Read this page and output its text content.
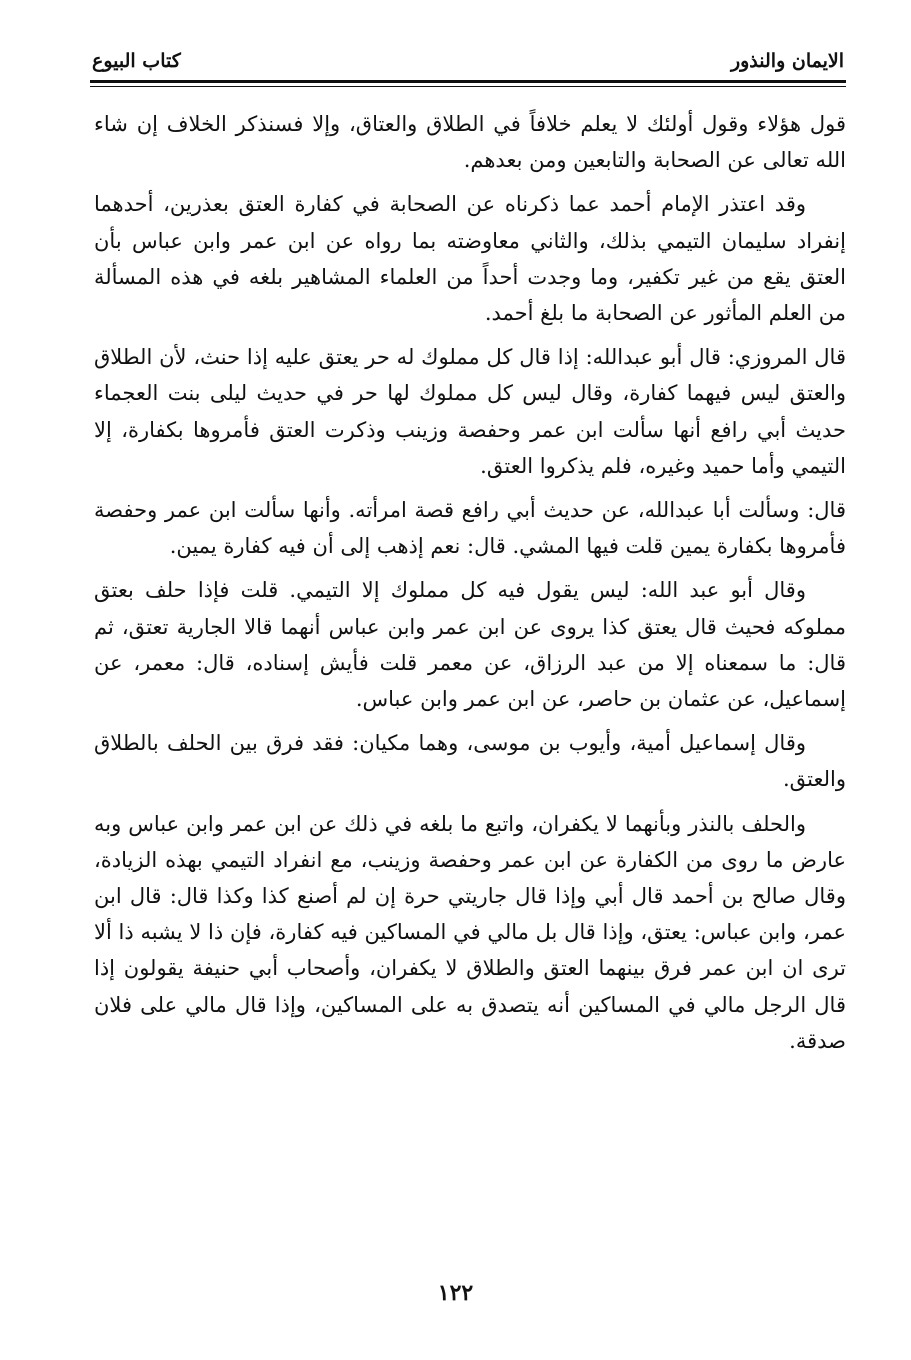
الايمان والنذور
كتاب البيوع

قول هؤلاء وقول أولئك لا يعلم خلافاً في الطلاق والعتاق، وإلا فسنذكر الخلاف إن شاء الله تعالى عن الصحابة والتابعين ومن بعدهم.

وقد اعتذر الإمام أحمد عما ذكرناه عن الصحابة في كفارة العتق بعذرين، أحدهما إنفراد سليمان التيمي بذلك، والثاني معاوضته بما رواه عن ابن عمر وابن عباس بأن العتق يقع من غير تكفير، وما وجدت أحداً من العلماء المشاهير بلغه في هذه المسألة من العلم المأثور عن الصحابة ما بلغ أحمد.

قال المروزي: قال أبو عبدالله: إذا قال كل مملوك له حر يعتق عليه إذا حنث، لأن الطلاق والعتق ليس فيهما كفارة، وقال ليس كل مملوك لها حر في حديث ليلى بنت العجماء حديث أبي رافع أنها سألت ابن عمر وحفصة وزينب وذكرت العتق فأمروها بكفارة، إلا التيمي وأما حميد وغيره، فلم يذكروا العتق.

قال: وسألت أبا عبدالله، عن حديث أبي رافع قصة امرأته. وأنها سألت ابن عمر وحفصة فأمروها بكفارة يمين قلت فيها المشي. قال: نعم إذهب إلى أن فيه كفارة يمين.

وقال أبو عبد الله: ليس يقول فيه كل مملوك إلا التيمي. قلت فإذا حلف بعتق مملوكه فحيث قال يعتق كذا يروى عن ابن عمر وابن عباس أنهما قالا الجارية تعتق، ثم قال: ما سمعناه إلا من عبد الرزاق، عن معمر قلت فأيش إسناده، قال: معمر، عن إسماعيل، عن عثمان بن حاصر، عن ابن عمر وابن عباس.

وقال إسماعيل أمية، وأيوب بن موسى، وهما مكيان: فقد فرق بين الحلف بالطلاق والعتق.

والحلف بالنذر وبأنهما لا يكفران، واتبع ما بلغه في ذلك عن ابن عمر وابن عباس وبه عارض ما روى من الكفارة عن ابن عمر وحفصة وزينب، مع انفراد التيمي بهذه الزيادة، وقال صالح بن أحمد قال أبي وإذا قال جاريتي حرة إن لم أصنع كذا وكذا قال: قال ابن عمر، وابن عباس: يعتق، وإذا قال بل مالي في المساكين فيه كفارة، فإن ذا لا يشبه ذا ألا ترى ان ابن عمر فرق بينهما العتق والطلاق لا يكفران، وأصحاب أبي حنيفة يقولون إذا قال الرجل مالي في المساكين أنه يتصدق به على المساكين، وإذا قال مالي على فلان صدقة.

١٢٢
